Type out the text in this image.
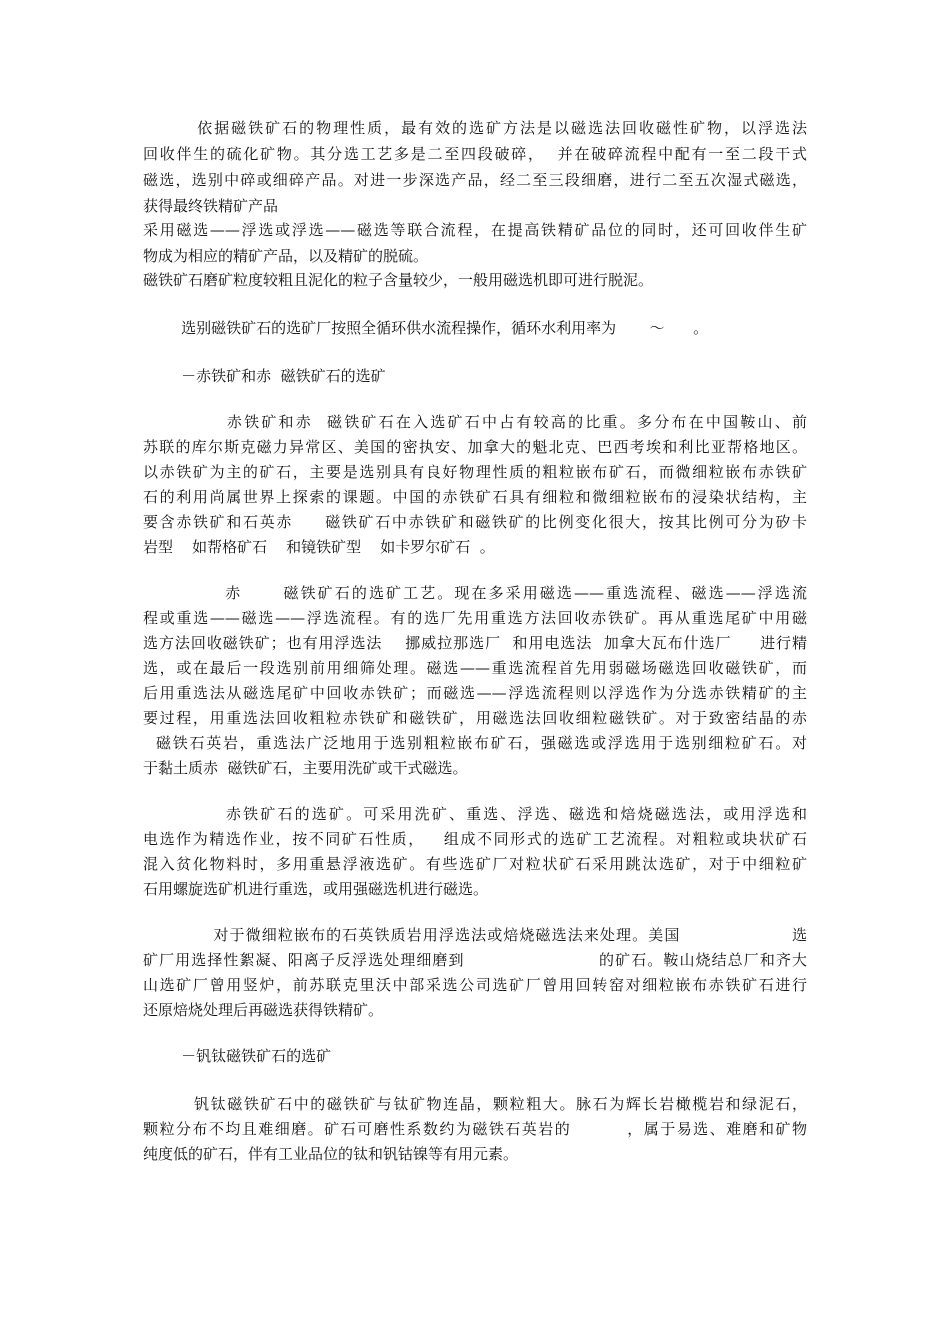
依据磁铁矿石的物理性质，最有效的选矿方法是以磁选法回收磁性矿物，以浮选法
回收伴生的硫化矿物。其分选工艺多是二至四段破碎，  并在破碎流程中配有一至二段干式
磁选，选别中碎或细碎产品。对进一步深选产品，经二至三段细磨，进行二至五次湿式磁选，
获得最终铁精矿产品
采用磁选——浮选或浮选——磁选等联合流程，在提高铁精矿品位的同时，还可回收伴生矿
物成为相应的精矿产品，以及精矿的脱硫。
磁铁矿石磨矿粒度较粗且泥化的粒子含量较少，一般用磁选机即可进行脱泥。
选别磁铁矿石的选矿厂按照全循环供水流程操作，循环水利用率为       ～      。
－赤铁矿和赤  磁铁矿石的选矿
赤铁矿和赤  磁铁矿石在入选矿石中占有较高的比重。多分布在中国鞍山、前
苏联的库尔斯克磁力异常区、美国的密执安、加拿大的魁北克、巴西考埃和利比亚帮格地区。
以赤铁矿为主的矿石，主要是选别具有良好物理性质的粗粒嵌布矿石，而微细粒嵌布赤铁矿
石的利用尚属世界上探索的课题。中国的赤铁矿石具有细粒和微细粒嵌布的浸染状结构，主
要含赤铁矿和石英赤     磁铁矿石中赤铁矿和磁铁矿的比例变化很大，按其比例可分为矽卡
岩型    如帮格矿石    和镜铁矿型    如卡罗尔矿石  。
赤      磁铁矿石的选矿工艺。现在多采用磁选——重选流程、磁选——浮选流
程或重选——磁选——浮选流程。有的选厂先用重选方法回收赤铁矿。再从重选尾矿中用磁
选方法回收磁铁矿；也有用浮选法    挪威拉那选厂  和用电选法  加拿大瓦布什选厂     进行精
选，或在最后一段选别前用细筛处理。磁选——重选流程首先用弱磁场磁选回收磁铁矿，而
后用重选法从磁选尾矿中回收赤铁矿；而磁选——浮选流程则以浮选作为分选赤铁精矿的主
要过程，用重选法回收粗粒赤铁矿和磁铁矿，用磁选法回收细粒磁铁矿。对于致密结晶的赤
磁铁石英岩，重选法广泛地用于选别粗粒嵌布矿石，强磁选或浮选用于选别细粒矿石。对
于黏土质赤  磁铁矿石，主要用洗矿或干式磁选。
赤铁矿石的选矿。可采用洗矿、重选、浮选、磁选和焙烧磁选法，或用浮选和
电选作为精选作业，按不同矿石性质，   组成不同形式的选矿工艺流程。对粗粒或块状矿石
混入贫化物料时，多用重悬浮液选矿。有些选矿厂对粒状矿石采用跳汰选矿，对于中细粒矿
石用螺旋选矿机进行重选，或用强磁选机进行磁选。
对于微细粒嵌布的石英铁质岩用浮选法或焙烧磁选法来处理。美国                   选
矿厂用选择性絮凝、阳离子反浮选处理细磨到                       的矿石。鞍山烧结总厂和齐大
山选矿厂曾用竖炉，前苏联克里沃中部采选公司选矿厂曾用回转窑对细粒嵌布赤铁矿石进行
还原焙烧处理后再磁选获得铁精矿。
－钒钛磁铁矿石的选矿
钒钛磁铁矿石中的磁铁矿与钛矿物连晶，颗粒粗大。脉石为辉长岩橄榄岩和绿泥石，
颗粒分布不均且难细磨。矿石可磨性系数约为磁铁石英岩的         ，属于易选、难磨和矿物
纯度低的矿石，伴有工业品位的钛和钒钴镍等有用元素。
